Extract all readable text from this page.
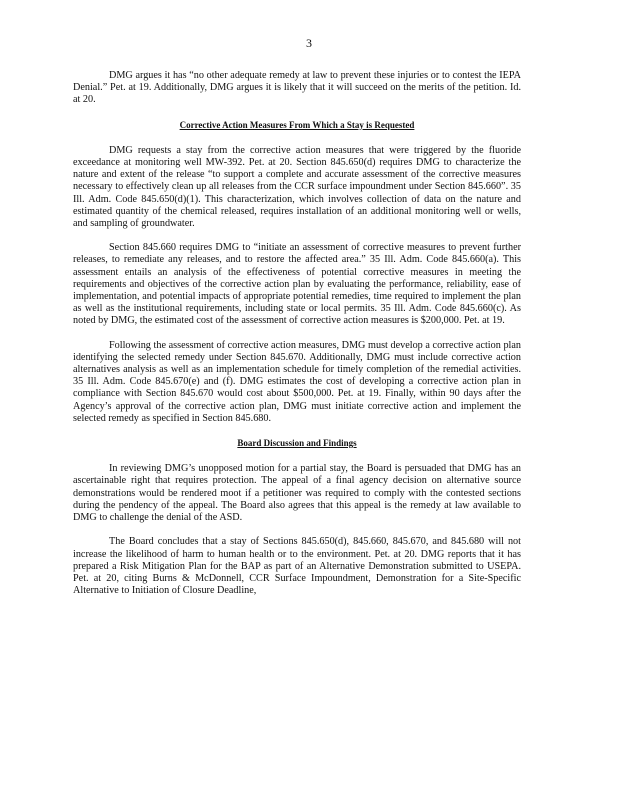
3

DMG argues it has “no other adequate remedy at law to prevent these injuries or to contest the IEPA Denial.” Pet. at 19. Additionally, DMG argues it is likely that it will succeed on the merits of the petition. Id. at 20.

Corrective Action Measures From Which a Stay is Requested

DMG requests a stay from the corrective action measures that were triggered by the fluoride exceedance at monitoring well MW-392. Pet. at 20. Section 845.650(d) requires DMG to characterize the nature and extent of the release “to support a complete and accurate assessment of the corrective measures necessary to effectively clean up all releases from the CCR surface impoundment under Section 845.660”. 35 Ill. Adm. Code 845.650(d)(1). This characterization, which involves collection of data on the nature and estimated quantity of the chemical released, requires installation of an additional monitoring well or wells, and sampling of groundwater.

Section 845.660 requires DMG to “initiate an assessment of corrective measures to prevent further releases, to remediate any releases, and to restore the affected area.” 35 Ill. Adm. Code 845.660(a). This assessment entails an analysis of the effectiveness of potential corrective measures in meeting the requirements and objectives of the corrective action plan by evaluating the performance, reliability, ease of implementation, and potential impacts of appropriate potential remedies, time required to implement the plan as well as the institutional requirements, including state or local permits. 35 Ill. Adm. Code 845.660(c). As noted by DMG, the estimated cost of the assessment of corrective action measures is $200,000. Pet. at 19.

Following the assessment of corrective action measures, DMG must develop a corrective action plan identifying the selected remedy under Section 845.670. Additionally, DMG must include corrective action alternatives analysis as well as an implementation schedule for timely completion of the remedial activities. 35 Ill. Adm. Code 845.670(e) and (f). DMG estimates the cost of developing a corrective action plan in compliance with Section 845.670 would cost about $500,000. Pet. at 19. Finally, within 90 days after the Agency’s approval of the corrective action plan, DMG must initiate corrective action and implement the selected remedy as specified in Section 845.680.

Board Discussion and Findings

In reviewing DMG’s unopposed motion for a partial stay, the Board is persuaded that DMG has an ascertainable right that requires protection. The appeal of a final agency decision on alternative source demonstrations would be rendered moot if a petitioner was required to comply with the contested sections during the pendency of the appeal. The Board also agrees that this appeal is the remedy at law available to DMG to challenge the denial of the ASD.

The Board concludes that a stay of Sections 845.650(d), 845.660, 845.670, and 845.680 will not increase the likelihood of harm to human health or to the environment. Pet. at 20. DMG reports that it has prepared a Risk Mitigation Plan for the BAP as part of an Alternative Demonstration submitted to USEPA. Pet. at 20, citing Burns & McDonnell, CCR Surface Impoundment, Demonstration for a Site-Specific Alternative to Initiation of Closure Deadline,
